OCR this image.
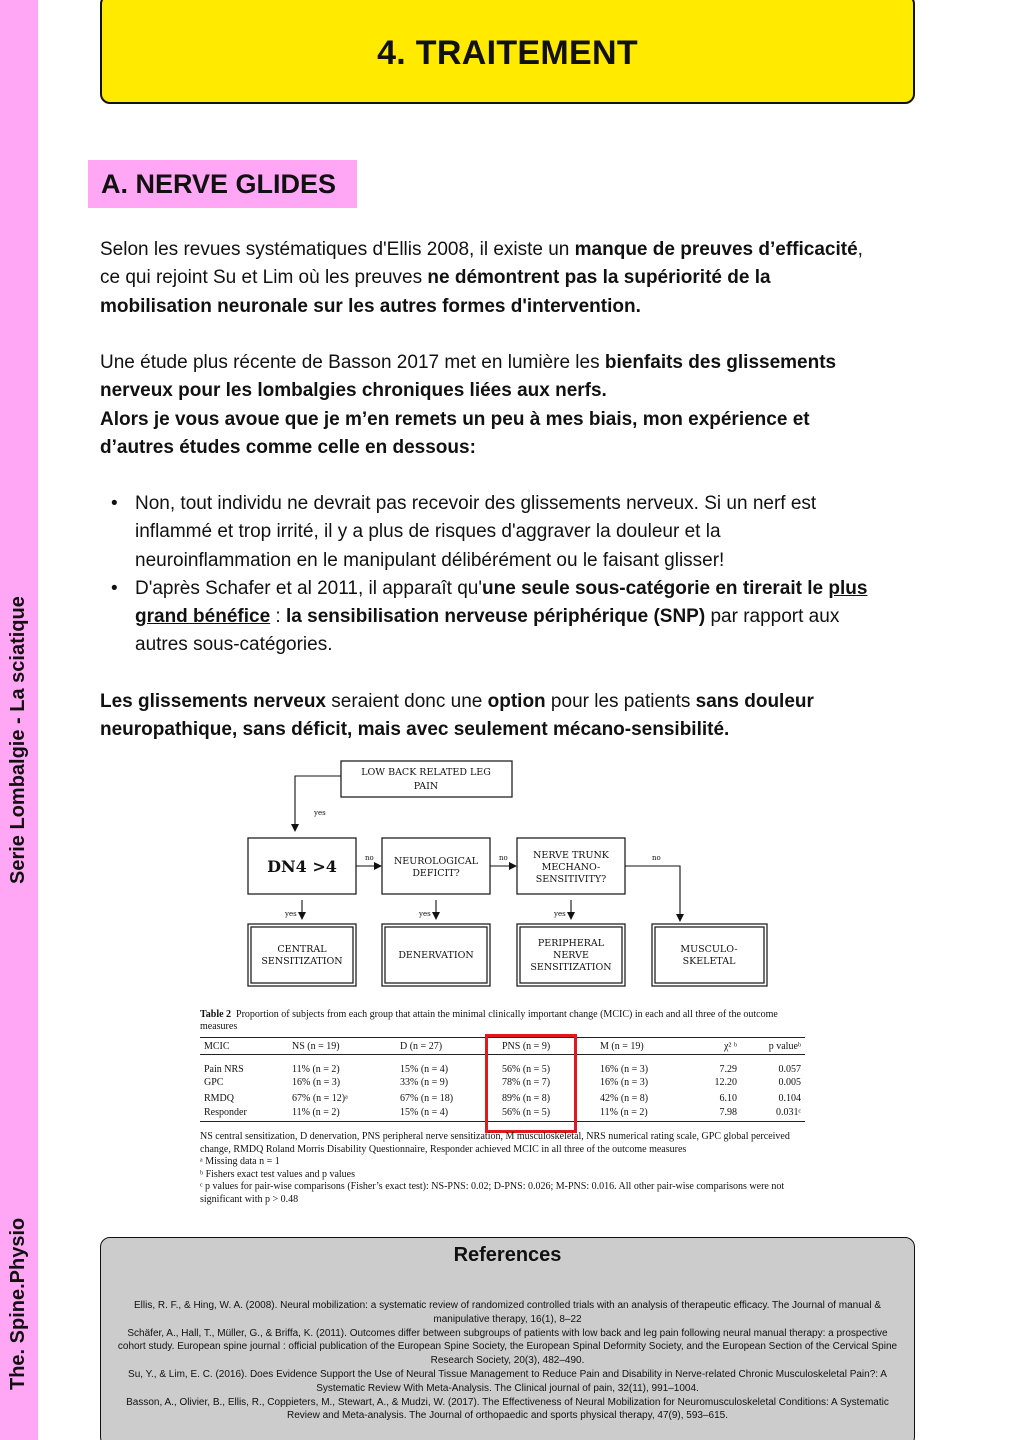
Serie Lombalgie - La sciatique
The. Spine.Physio
4. TRAITEMENT
A. NERVE GLIDES

Selon les revues systématiques d'Ellis 2008, il existe un manque de preuves d’efficacité, ce qui rejoint Su et Lim où les preuves ne démontrent pas la supériorité de la mobilisation neuronale sur les autres formes d'intervention.

Une étude plus récente de Basson 2017 met en lumière les bienfaits des glissements nerveux pour les lombalgies chroniques liées aux nerfs.
Alors je vous avoue que je m’en remets un peu à mes biais, mon expérience et d’autres études comme celle en dessous:

• Non, tout individu ne devrait pas recevoir des glissements nerveux. Si un nerf est inflammé et trop irrité, il y a plus de risques d'aggraver la douleur et la neuroinflammation en le manipulant délibérément ou le faisant glisser!
• D'après Schafer et al 2011, il apparaît qu'une seule sous-catégorie en tirerait le plus grand bénéfice : la sensibilisation nerveuse périphérique (SNP) par rapport aux autres sous-catégories.

Les glissements nerveux seraient donc une option pour les patients sans douleur neuropathique, sans déficit, mais avec seulement mécano-sensibilité.

LOW BACK RELATED LEG
PAIN
yes
DN4 >4	NEUROLOGICAL
DEFICIT?
NERVE TRUNK
MECHANO-
SENSITIVITY?
no	no	no
yes	yes	yes
CENTRAL
SENSITIZATION
DENERVATION
PERIPHERAL
NERVE
SENSITIZATION
MUSCULO-
SKELETAL
Table 2 Proportion of subjects from each group that attain the minimal clinically important change (MCIC) in each and all three of the outcome measures
MCIC	NS (n = 19)	D (n = 27)	PNS (n = 9)	M (n = 19)	χ² ᵇ	p valueᵇ
Pain NRS	11% (n = 2)	15% (n = 4)	56% (n = 5)	16% (n = 3)	7.29	0.057
GPC	16% (n = 3)	33% (n = 9)	78% (n = 7)	16% (n = 3)	12.20	0.005
RMDQ	67% (n = 12)ᵃ	67% (n = 18)	89% (n = 8)	42% (n = 8)	6.10	0.104
Responder	11% (n = 2)	15% (n = 4)	56% (n = 5)	11% (n = 2)	7.98	0.031ᶜ
NS central sensitization, D denervation, PNS peripheral nerve sensitization, M musculoskeletal, NRS numerical rating scale, GPC global perceived change, RMDQ Roland Morris Disability Questionnaire, Responder achieved MCIC in all three of the outcome measures
ᵃ Missing data n = 1
ᵇ Fishers exact test values and p values
ᶜ p values for pair-wise comparisons (Fisher’s exact test): NS-PNS: 0.02; D-PNS: 0.026; M-PNS: 0.016. All other pair-wise comparisons were not significant with p > 0.48
References
Ellis, R. F., & Hing, W. A. (2008). Neural mobilization: a systematic review of randomized controlled trials with an analysis of therapeutic efficacy. The Journal of manual & manipulative therapy, 16(1), 8–22
Schäfer, A., Hall, T., Müller, G., & Briffa, K. (2011). Outcomes differ between subgroups of patients with low back and leg pain following neural manual therapy: a prospective cohort study. European spine journal : official publication of the European Spine Society, the European Spinal Deformity Society, and the European Section of the Cervical Spine Research Society, 20(3), 482–490.
Su, Y., & Lim, E. C. (2016). Does Evidence Support the Use of Neural Tissue Management to Reduce Pain and Disability in Nerve-related Chronic Musculoskeletal Pain?: A Systematic Review With Meta-Analysis. The Clinical journal of pain, 32(11), 991–1004.
Basson, A., Olivier, B., Ellis, R., Coppieters, M., Stewart, A., & Mudzi, W. (2017). The Effectiveness of Neural Mobilization for Neuromusculoskeletal Conditions: A Systematic Review and Meta-analysis. The Journal of orthopaedic and sports physical therapy, 47(9), 593–615.
